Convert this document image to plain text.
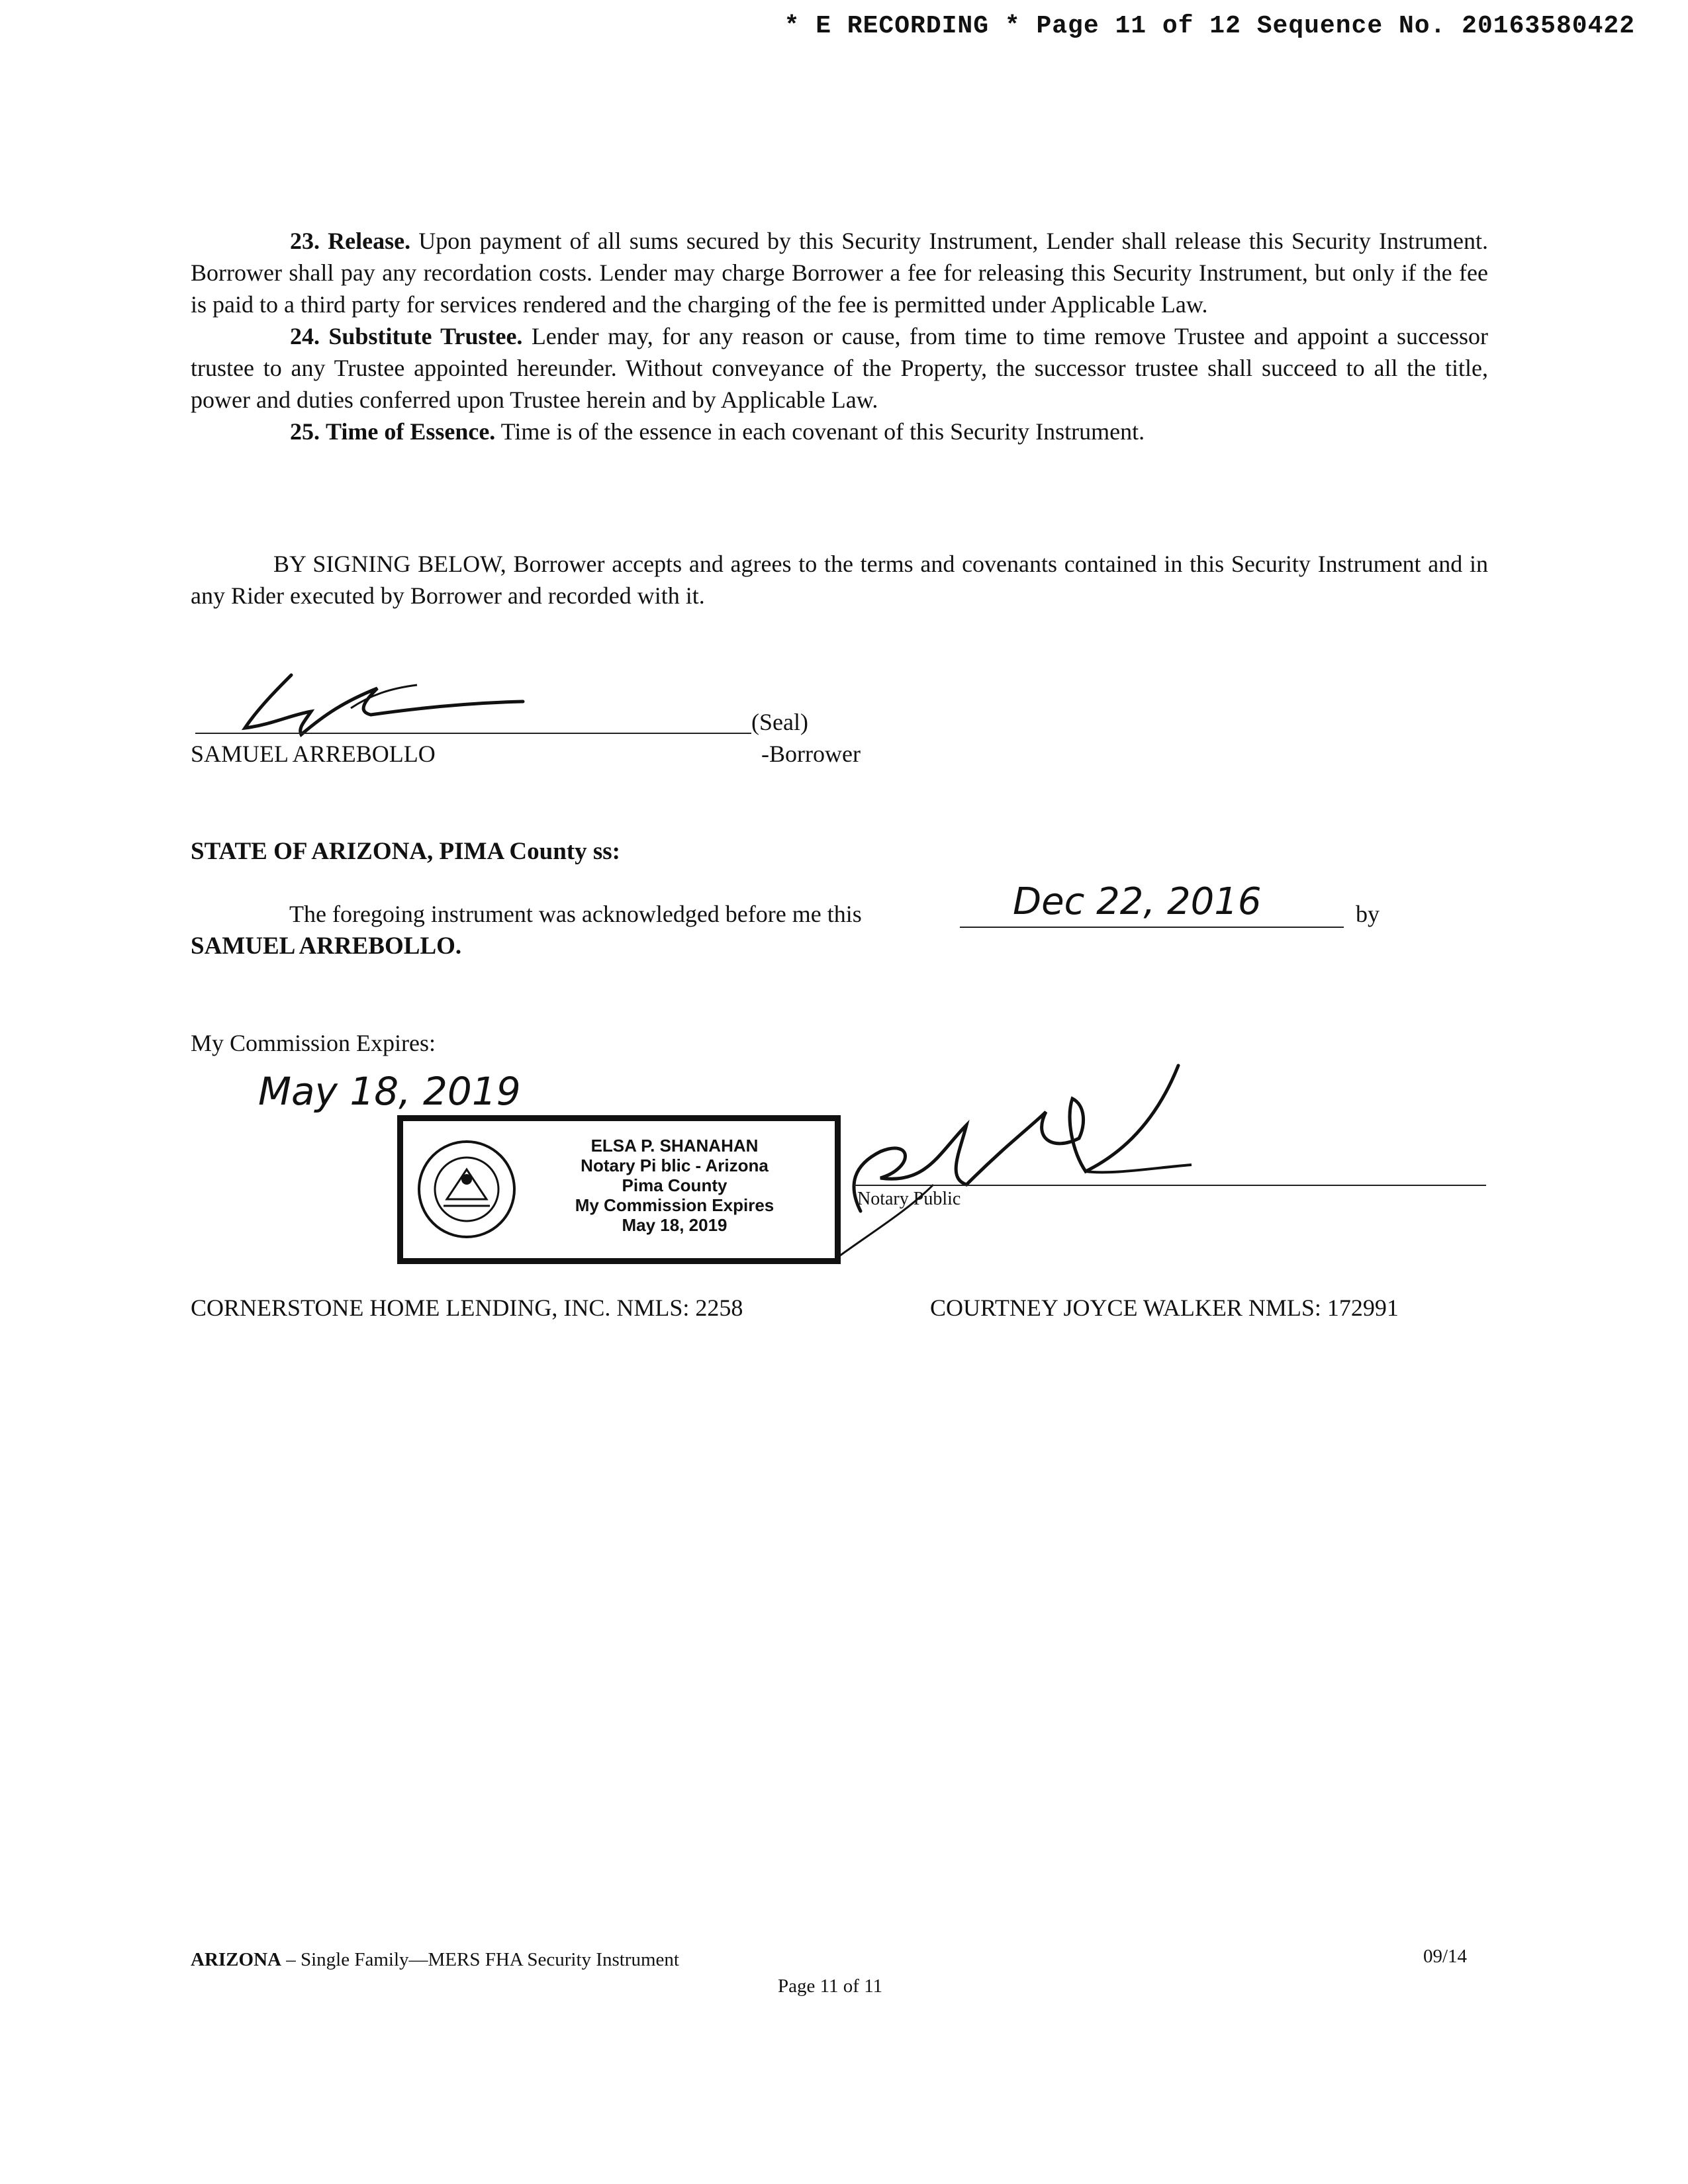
* E RECORDING * Page 11 of 12 Sequence No. 20163580422

23. Release. Upon payment of all sums secured by this Security Instrument, Lender shall release this Security Instrument. Borrower shall pay any recordation costs. Lender may charge Borrower a fee for releasing this Security Instrument, but only if the fee is paid to a third party for services rendered and the charging of the fee is permitted under Applicable Law.

24. Substitute Trustee. Lender may, for any reason or cause, from time to time remove Trustee and appoint a successor trustee to any Trustee appointed hereunder. Without conveyance of the Property, the successor trustee shall succeed to all the title, power and duties conferred upon Trustee herein and by Applicable Law.

25. Time of Essence. Time is of the essence in each covenant of this Security Instrument.

BY SIGNING BELOW, Borrower accepts and agrees to the terms and covenants contained in this Security Instrument and in any Rider executed by Borrower and recorded with it.

(Seal)
SAMUEL ARREBOLLO	-Borrower
STATE OF ARIZONA, PIMA County ss:
The foregoing instrument was acknowledged before me this	Dec 22, 2016	by
SAMUEL ARREBOLLO.
My Commission Expires:
May 18, 2019
ELSA P. SHANAHAN
Notary Pi blic - Arizona
Pima County
My Commission Expires
May 18, 2019
Notary Public
CORNERSTONE HOME LENDING, INC. NMLS: 2258	COURTNEY JOYCE WALKER NMLS: 172991
ARIZONA – Single Family—MERS FHA Security Instrument
Page 11 of 11
09/14
